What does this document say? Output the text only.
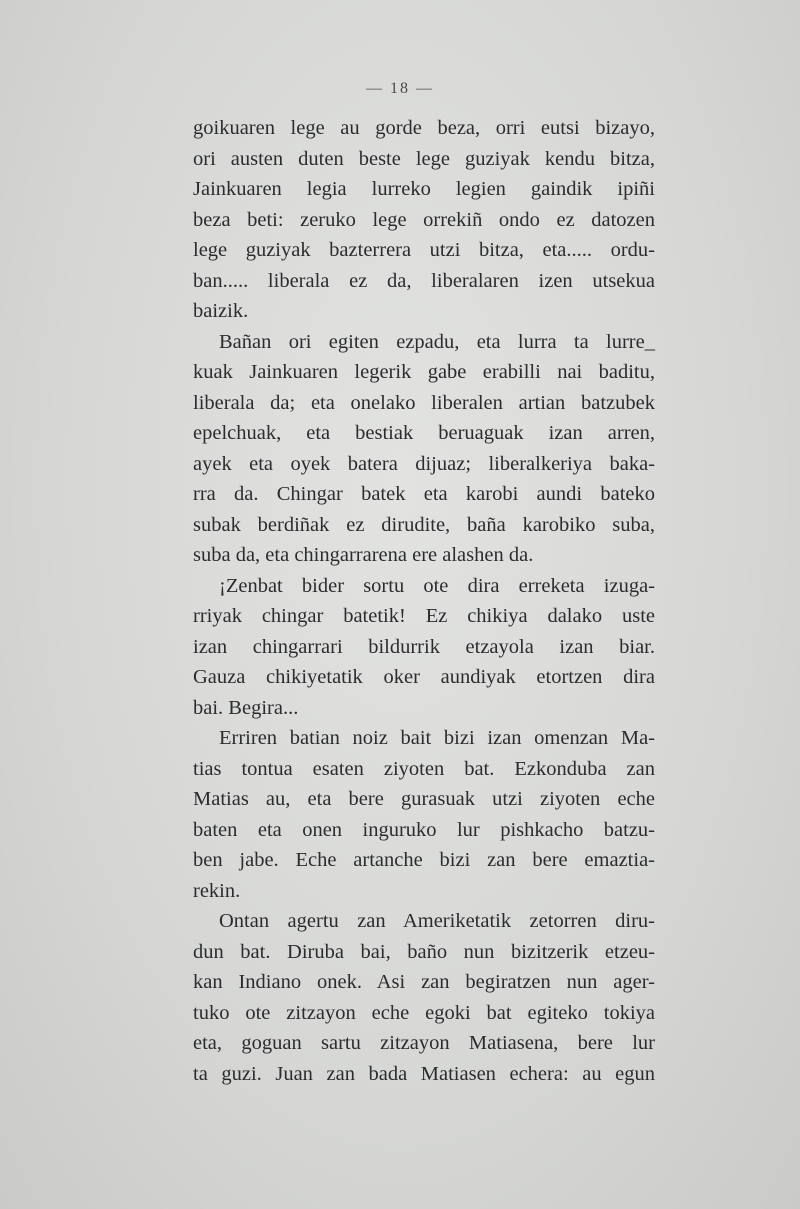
— 18 —
goikuaren lege au gorde beza, orri eutsi bizayo,
ori austen duten beste lege guziyak kendu bitza,
Jainkuaren legia lurreko legien gaindik ipiñi
beza beti: zeruko lege orrekiñ ondo ez datozen
lege guziyak bazterrera utzi bitza, eta..... ordu-
ban..... liberala ez da, liberalaren izen utsekua
baizik.
Bañan ori egiten ezpadu, eta lurra ta lurre_
kuak Jainkuaren legerik gabe erabilli nai baditu,
liberala da; eta onelako liberalen artian batzubek
epelchuak, eta bestiak beruaguak izan arren,
ayek eta oyek batera dijuaz; liberalkeriya baka-
rra da. Chingar batek eta karobi aundi bateko
subak berdiñak ez dirudite, baña karobiko suba,
suba da, eta chingarrarena ere alashen da.
¡Zenbat bider sortu ote dira erreketa izuga-
rriyak chingar batetik! Ez chikiya dalako uste
izan chingarrari bildurrik etzayola izan biar.
Gauza chikiyetatik oker aundiyak etortzen dira
bai. Begira...
Erriren batian noiz bait bizi izan omenzan Ma-
tias tontua esaten ziyoten bat. Ezkonduba zan
Matias au, eta bere gurasuak utzi ziyoten eche
baten eta onen inguruko lur pishkacho batzu-
ben jabe. Eche artanche bizi zan bere emaztia-
rekin.
Ontan agertu zan Ameriketatik zetorren diru-
dun bat. Diruba bai, baño nun bizitzerik etzeu-
kan Indiano onek. Asi zan begiratzen nun ager-
tuko ote zitzayon eche egoki bat egiteko tokiya
eta, goguan sartu zitzayon Matiasena, bere lur
ta guzi. Juan zan bada Matiasen echera: au egun
